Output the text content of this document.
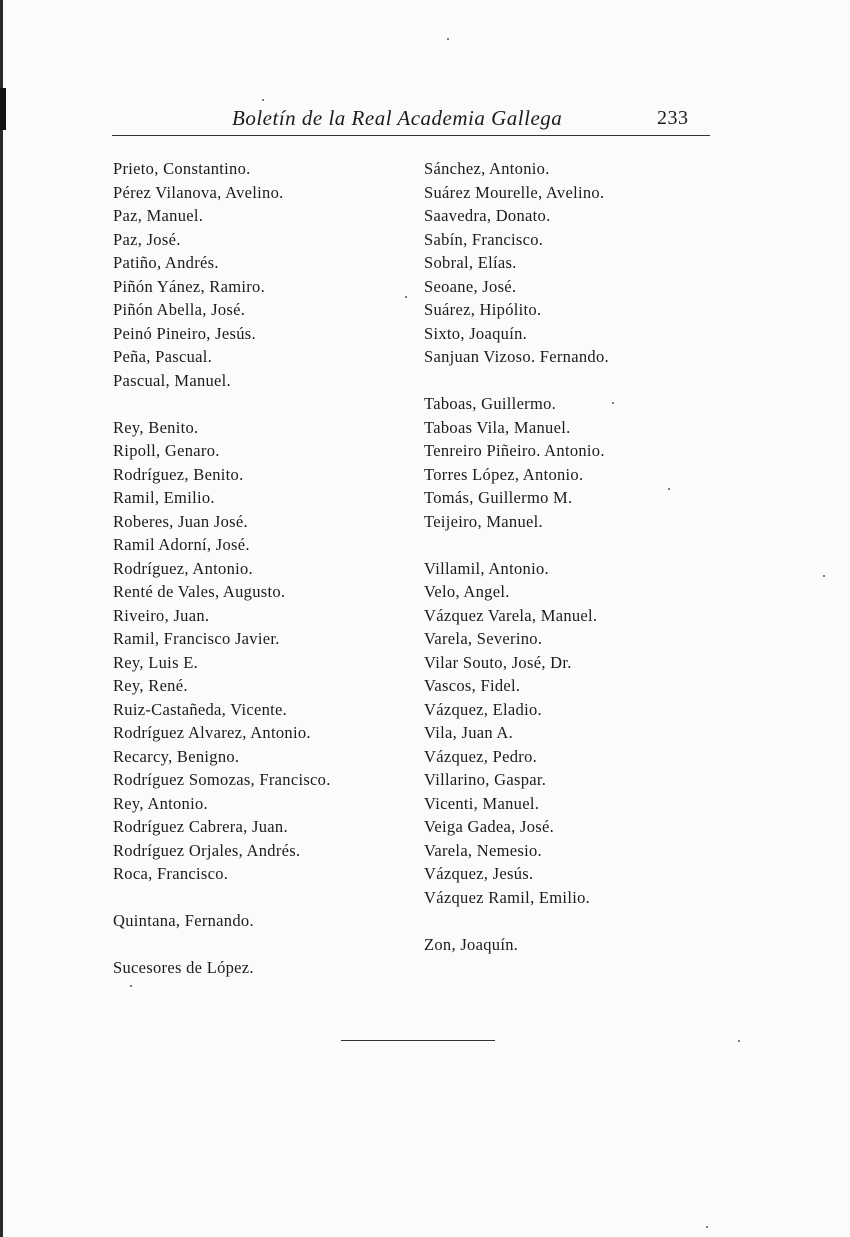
Boletín de la Real Academia Gallega	233
Prieto, Constantino.
Pérez Vilanova, Avelino.
Paz, Manuel.
Paz, José.
Patiño, Andrés.
Piñón Yánez, Ramiro.
Piñón Abella, José.
Peinó Pineiro, Jesús.
Peña, Pascual.
Pascual, Manuel.
Rey, Benito.
Ripoll, Genaro.
Rodríguez, Benito.
Ramil, Emilio.
Roberes, Juan José.
Ramil Adorní, José.
Rodríguez, Antonio.
Renté de Vales, Augusto.
Riveiro, Juan.
Ramil, Francisco Javier.
Rey, Luis E.
Rey, René.
Ruiz-Castañeda, Vicente.
Rodríguez Alvarez, Antonio.
Recarcy, Benigno.
Rodríguez Somozas, Francisco.
Rey, Antonio.
Rodríguez Cabrera, Juan.
Rodríguez Orjales, Andrés.
Roca, Francisco.
Quintana, Fernando.
Sucesores de López.
Sánchez, Antonio.
Suárez Mourelle, Avelino.
Saavedra, Donato.
Sabín, Francisco.
Sobral, Elías.
Seoane, José.
Suárez, Hipólito.
Sixto, Joaquín.
Sanjuan Vizoso. Fernando.
Taboas, Guillermo.
Taboas Vila, Manuel.
Tenreiro Piñeiro. Antonio.
Torres López, Antonio.
Tomás, Guillermo M.
Teijeiro, Manuel.
Villamil, Antonio.
Velo, Angel.
Vázquez Varela, Manuel.
Varela, Severino.
Vilar Souto, José, Dr.
Vascos, Fidel.
Vázquez, Eladio.
Vila, Juan A.
Vázquez, Pedro.
Villarino, Gaspar.
Vicenti, Manuel.
Veiga Gadea, José.
Varela, Nemesio.
Vázquez, Jesús.
Vázquez Ramil, Emilio.
Zon, Joaquín.
